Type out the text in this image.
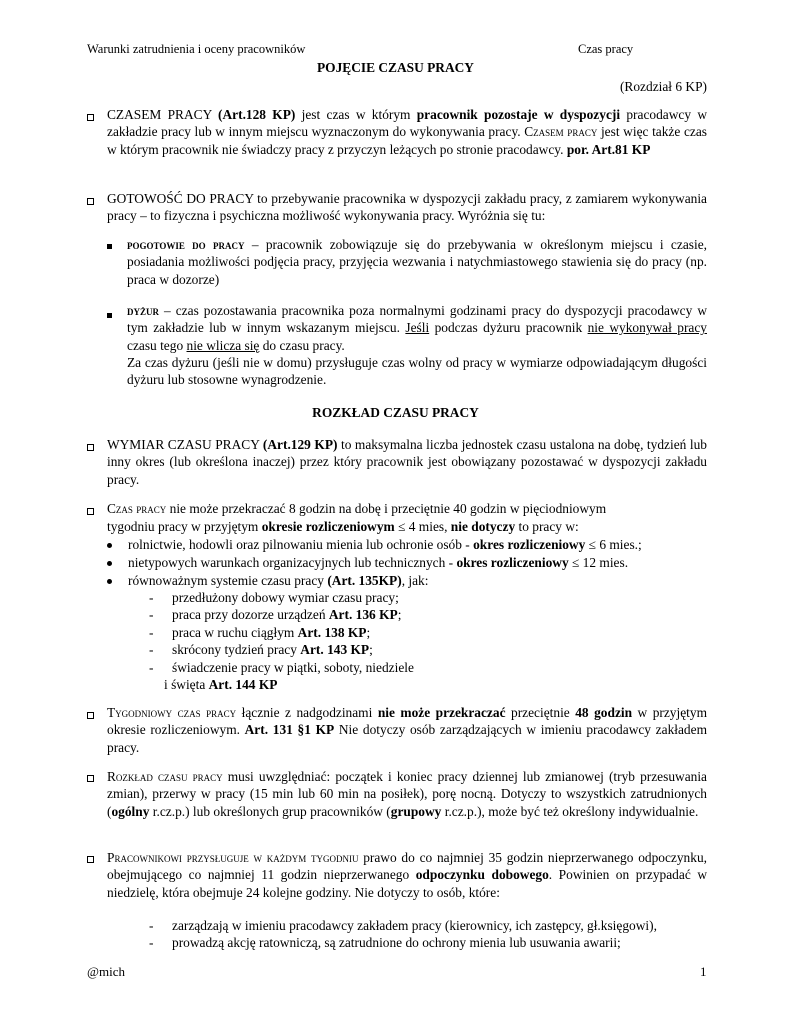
Warunki zatrudnienia i oceny pracowników	Czas pracy
POJĘCIE CZASU PRACY
(Rozdział 6 KP)

CZASEM PRACY (Art.128 KP) jest czas w którym pracownik pozostaje w dyspozycji pracodawcy w zakładzie pracy lub w innym miejscu wyznaczonym do wykonywania pracy. Czasem pracy jest więc także czas w którym pracownik nie świadczy pracy z przyczyn leżących po stronie pracodawcy. por. Art.81 KP

GOTOWOŚĆ DO PRACY to przebywanie pracownika w dyspozycji zakładu pracy, z zamiarem wykonywania pracy – to fizyczna i psychiczna możliwość wykonywania pracy. Wyróżnia się tu:

pogotowie do pracy – pracownik zobowiązuje się do przebywania w określonym miejscu i czasie, posiadania możliwości podjęcia pracy, przyjęcia wezwania i natychmiastowego stawienia się do pracy (np. praca w dozorze)

dyżur – czas pozostawania pracownika poza normalnymi godzinami pracy do dyspozycji pracodawcy w tym zakładzie lub w innym wskazanym miejscu. Jeśli podczas dyżuru pracownik nie wykonywał pracy czasu tego nie wlicza się do czasu pracy.

Za czas dyżuru (jeśli nie w domu) przysługuje czas wolny od pracy w wymiarze odpowiadającym długości dyżuru lub stosowne wynagrodzenie.

ROZKŁAD CZASU PRACY

WYMIAR CZASU PRACY (Art.129 KP) to maksymalna liczba jednostek czasu ustalona na dobę, tydzień lub inny okres (lub określona inaczej) przez który pracownik jest obowiązany pozostawać w dyspozycji zakładu pracy.

Czas pracy nie może przekraczać 8 godzin na dobę i przeciętnie 40 godzin w pięciodniowym
tygodniu pracy w przyjętym okresie rozliczeniowym ≤ 4 mies, nie dotyczy to pracy w:
rolnictwie, hodowli oraz pilnowaniu mienia lub ochronie osób - okres rozliczeniowy ≤ 6 mies.;
nietypowych warunkach organizacyjnych lub technicznych - okres rozliczeniowy ≤ 12 mies.
równoważnym systemie czasu pracy (Art. 135KP), jak:
- przedłużony dobowy wymiar czasu pracy;
- praca przy dozorze urządzeń Art. 136 KP;
- praca w ruchu ciągłym Art. 138 KP;
- skrócony tydzień pracy Art. 143 KP;
- świadczenie pracy w piątki, soboty, niedziele
i święta Art. 144 KP

Tygodniowy czas pracy łącznie z nadgodzinami nie może przekraczać przeciętnie 48 godzin w przyjętym okresie rozliczeniowym. Art. 131 §1 KP Nie dotyczy osób zarządzających w imieniu pracodawcy zakładem pracy.

Rozkład czasu pracy musi uwzględniać: początek i koniec pracy dziennej lub zmianowej (tryb przesuwania zmian), przerwy w pracy (15 min lub 60 min na posiłek), porę nocną. Dotyczy to wszystkich zatrudnionych (ogólny r.cz.p.) lub określonych grup pracowników (grupowy r.cz.p.), może być też określony indywidualnie.

Pracownikowi przysługuje w każdym tygodniu prawo do co najmniej 35 godzin nieprzerwanego odpoczynku, obejmującego co najmniej 11 godzin nieprzerwanego odpoczynku dobowego. Powinien on przypadać w niedzielę, która obejmuje 24 kolejne godziny. Nie dotyczy to osób, które:

- zarządzają w imieniu pracodawcy zakładem pracy (kierownicy, ich zastępcy, gł.księgowi),
- prowadzą akcję ratowniczą, są zatrudnione do ochrony mienia lub usuwania awarii;
@mich	1
